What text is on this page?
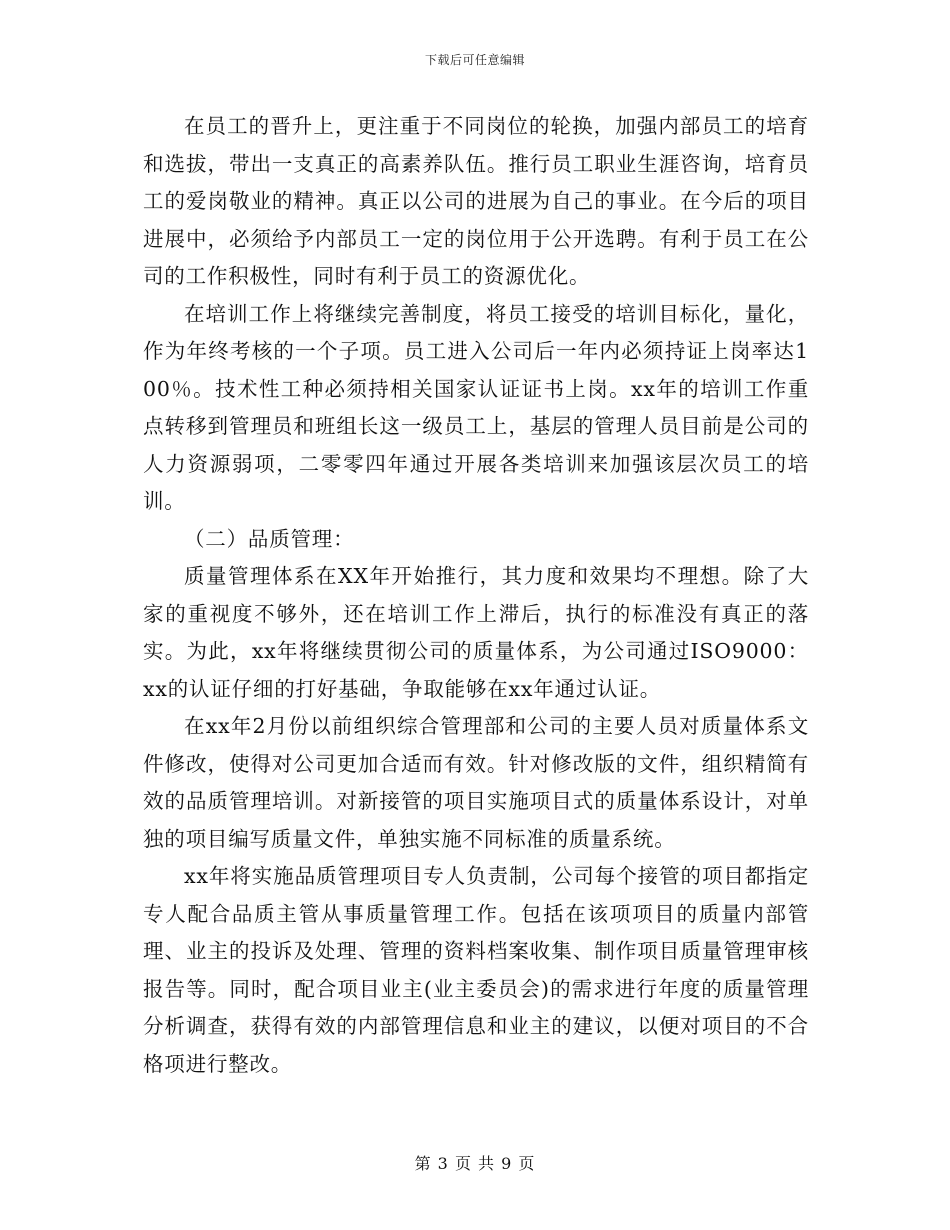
下载后可任意编辑

在员工的晋升上，更注重于不同岗位的轮换，加强内部员工的培育和选拔，带出一支真正的高素养队伍。推行员工职业生涯咨询，培育员工的爱岗敬业的精神。真正以公司的进展为自己的事业。在今后的项目进展中，必须给予内部员工一定的岗位用于公开选聘。有利于员工在公司的工作积极性，同时有利于员工的资源优化。

在培训工作上将继续完善制度，将员工接受的培训目标化，量化，作为年终考核的一个子项。员工进入公司后一年内必须持证上岗率达100％。技术性工种必须持相关国家认证证书上岗。xx年的培训工作重点转移到管理员和班组长这一级员工上，基层的管理人员目前是公司的人力资源弱项，二零零四年通过开展各类培训来加强该层次员工的培训。

（二）品质管理：

质量管理体系在XX年开始推行，其力度和效果均不理想。除了大家的重视度不够外，还在培训工作上滞后，执行的标准没有真正的落实。为此，xx年将继续贯彻公司的质量体系，为公司通过ISO9000：xx的认证仔细的打好基础，争取能够在xx年通过认证。

在xx年2月份以前组织综合管理部和公司的主要人员对质量体系文件修改，使得对公司更加合适而有效。针对修改版的文件，组织精简有效的品质管理培训。对新接管的项目实施项目式的质量体系设计，对单独的项目编写质量文件，单独实施不同标准的质量系统。

xx年将实施品质管理项目专人负责制，公司每个接管的项目都指定专人配合品质主管从事质量管理工作。包括在该项项目的质量内部管理、业主的投诉及处理、管理的资料档案收集、制作项目质量管理审核报告等。同时，配合项目业主(业主委员会)的需求进行年度的质量管理分析调查，获得有效的内部管理信息和业主的建议，以便对项目的不合格项进行整改。

第 3 页 共 9 页
